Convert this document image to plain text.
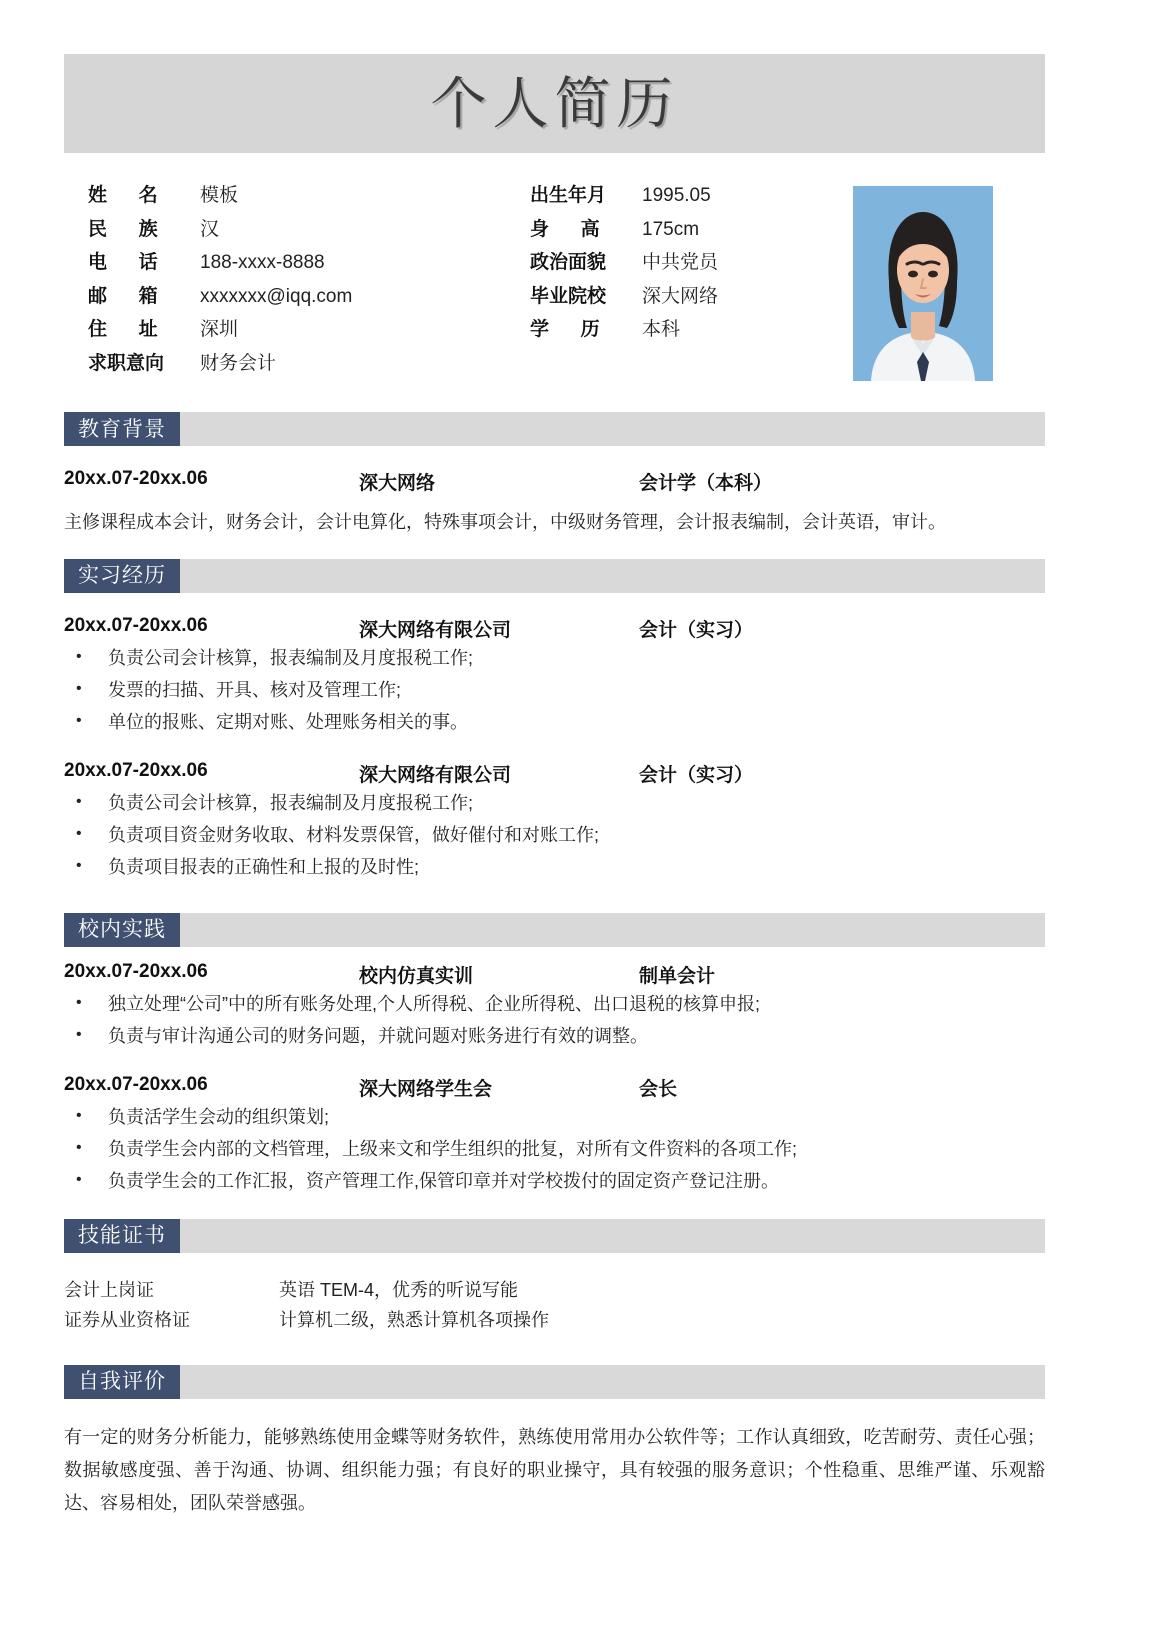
个人简历
姓      名	模板
民      族	汉
电      话	188-xxxx-8888
邮      箱	xxxxxxx@iqq.com
住      址	深圳
求职意向	财务会计
出生年月	1995.05
身      高	175cm
政治面貌	中共党员
毕业院校	深大网络
学      历	本科
教育背景
20xx.07-20xx.06	深大网络	会计学（本科）
主修课程成本会计，财务会计，会计电算化，特殊事项会计，中级财务管理，会计报表编制，会计英语，审计。
实习经历
20xx.07-20xx.06	深大网络有限公司	会计（实习）
•	负责公司会计核算，报表编制及月度报税工作;
•	发票的扫描、开具、核对及管理工作;
•	单位的报账、定期对账、处理账务相关的事。
20xx.07-20xx.06	深大网络有限公司	会计（实习）
•	负责公司会计核算，报表编制及月度报税工作;
•	负责项目资金财务收取、材料发票保管，做好催付和对账工作;
•	负责项目报表的正确性和上报的及时性;
校内实践
20xx.07-20xx.06	校内仿真实训	制单会计
•	独立处理“公司”中的所有账务处理,个人所得税、企业所得税、出口退税的核算申报;
•	负责与审计沟通公司的财务问题，并就问题对账务进行有效的调整。
20xx.07-20xx.06	深大网络学生会	会长
•	负责活学生会动的组织策划;
•	负责学生会内部的文档管理，上级来文和学生组织的批复，对所有文件资料的各项工作;
•	负责学生会的工作汇报，资产管理工作,保管印章并对学校拨付的固定资产登记注册。
技能证书
会计上岗证	英语 TEM-4，优秀的听说写能
证券从业资格证	计算机二级，熟悉计算机各项操作
自我评价
有一定的财务分析能力，能够熟练使用金蝶等财务软件，熟练使用常用办公软件等；工作认真细致，吃苦耐劳、责任心强；数据敏感度强、善于沟通、协调、组织能力强；有良好的职业操守，具有较强的服务意识；个性稳重、思维严谨、乐观豁达、容易相处，团队荣誉感强。
